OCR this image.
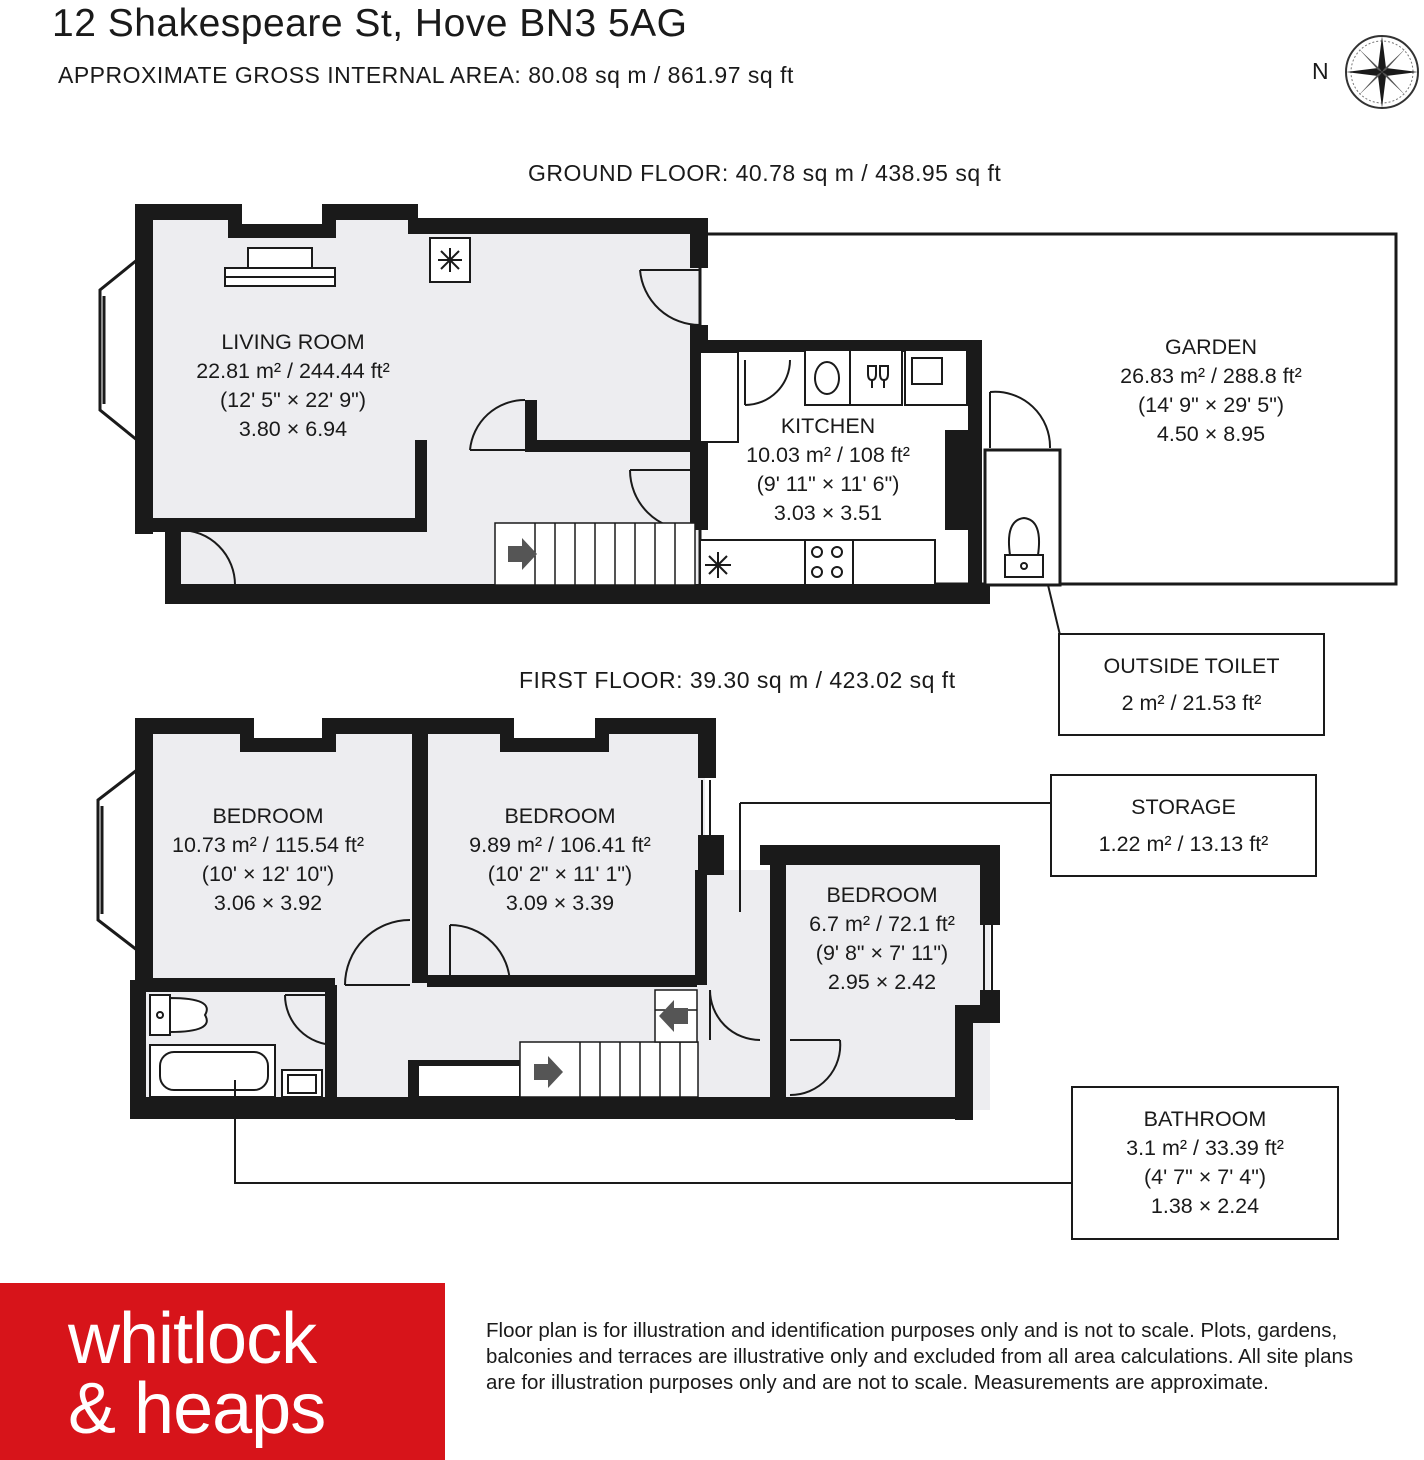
12 Shakespeare St, Hove BN3 5AG
APPROXIMATE GROSS INTERNAL AREA: 80.08 sq m / 861.97 sq ft	N
GROUND FLOOR: 40.78 sq m / 438.95 sq ft
FIRST FLOOR: 39.30 sq m / 423.02 sq ft
LIVING ROOM
22.81 m² / 244.44 ft²
(12' 5" × 22' 9")
3.80 × 6.94	KITCHEN
10.03 m² / 108 ft²
(9' 11" × 11' 6")
3.03 × 3.51
GARDEN
26.83 m² / 288.8 ft²
(14' 9" × 29' 5")
4.50 × 8.95
OUTSIDE TOILET
2 m² / 21.53 ft²
BEDROOM
10.73 m² / 115.54 ft²
(10' × 12' 10")
3.06 × 3.92
BEDROOM
9.89 m² / 106.41 ft²
(10' 2" × 11' 1")
3.09 × 3.39	BEDROOM
6.7 m² / 72.1 ft²
(9' 8" × 7' 11")
2.95 × 2.42
STORAGE
1.22 m² / 13.13 ft²
BATHROOM
3.1 m² / 33.39 ft²
(4' 7" × 7' 4")
1.38 × 2.24
whitlock
& heaps
Floor plan is for illustration and identification purposes only and is not to scale. Plots, gardens, balconies and terraces are illustrative only and excluded from all area calculations. All site plans are for illustration purposes only and are not to scale. Measurements are approximate.
